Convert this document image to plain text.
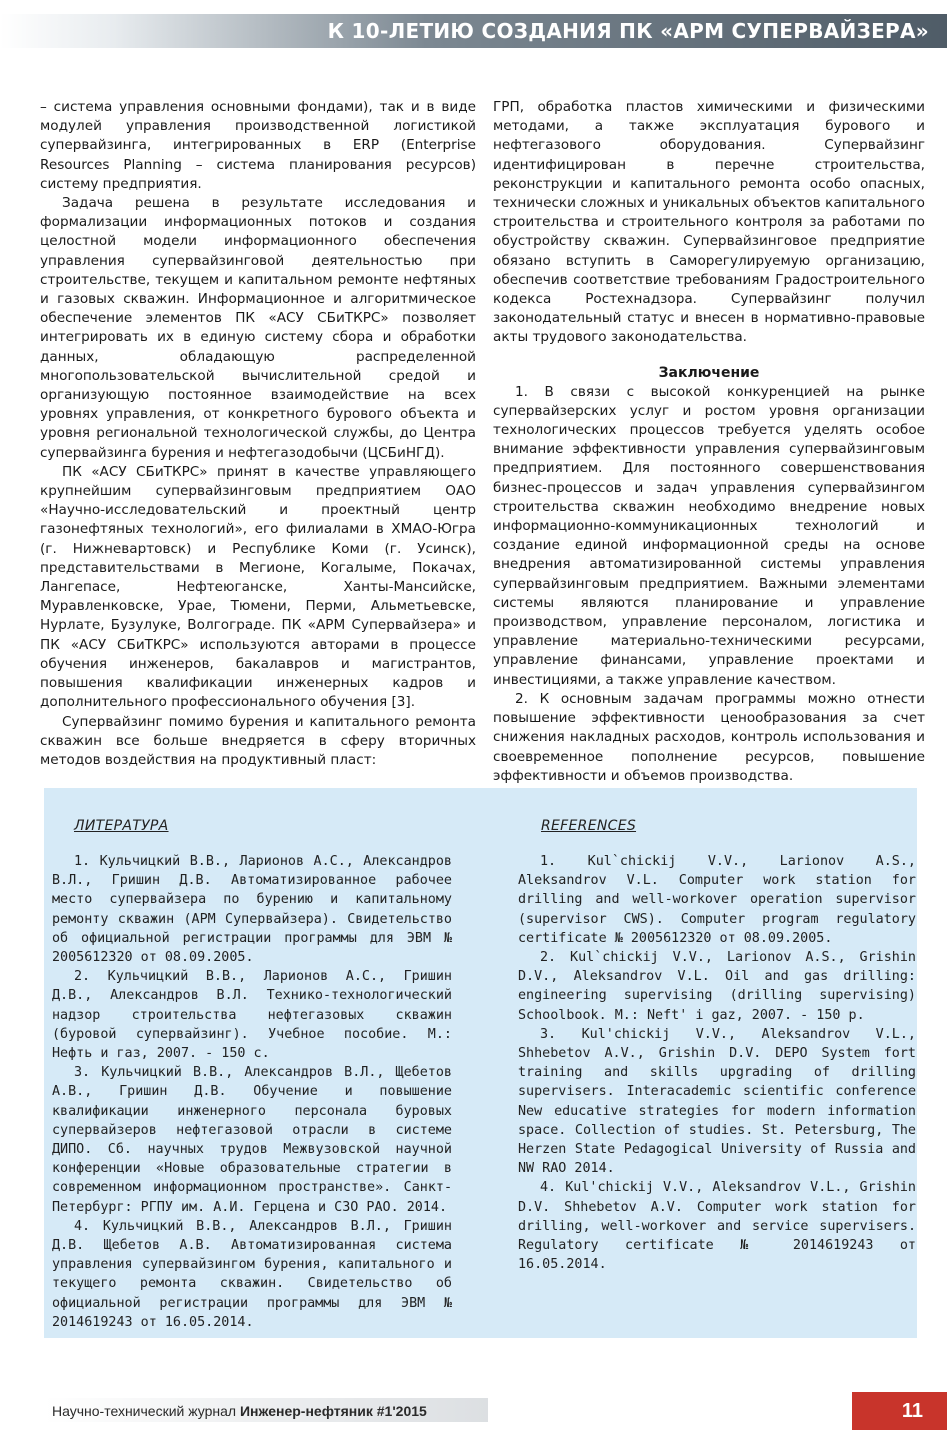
К 10-ЛЕТИЮ СОЗДАНИЯ ПК «АРМ СУПЕРВАЙЗЕРА»

– система управления основными фондами), так и в виде модулей управления производственной логистикой супервайзинга, интегрированных в ERP (Enterprise Resources Planning – система планирования ресурсов) систему предприятия.

Задача решена в результате исследования и формализации информационных потоков и создания целостной модели информационного обеспечения управления супервайзинговой деятельностью при строительстве, текущем и капитальном ремонте нефтяных и газовых скважин. Информационное и алгоритмическое обеспечение элементов ПК «АСУ СБиТКРС» позволяет интегрировать их в единую систему сбора и обработки данных, обладающую распределенной многопользовательской вычислительной средой и организующую постоянное взаимодействие на всех уровнях управления, от конкретного бурового объекта и уровня региональной технологической службы, до Центра супервайзинга бурения и нефтегазодобычи (ЦСБиНГД).

ПК «АСУ СБиТКРС» принят в качестве управляющего крупнейшим супервайзинговым предприятием ОАО «Научно-исследовательский и проектный центр газонефтяных технологий», его филиалами в ХМАО-Югра (г. Нижневартовск) и Республике Коми (г. Усинск), представительствами в Мегионе, Когалыме, Покачах, Лангепасе, Нефтеюганске, Ханты-Мансийске, Муравленковске, Урае, Тюмени, Перми, Альметьевске, Нурлате, Бузулуке, Волгограде. ПК «АРМ Супервайзера» и ПК «АСУ СБиТКРС» используются авторами в процессе обучения инженеров, бакалавров и магистрантов, повышения квалификации инженерных кадров и дополнительного профессионального обучения [3].

Супервайзинг помимо бурения и капитального ремонта скважин все больше внедряется в сферу вторичных методов воздействия на продуктивный пласт:

ГРП, обработка пластов химическими и физическими методами, а также эксплуатация бурового и нефтегазового оборудования. Супервайзинг идентифицирован в перечне строительства, реконструкции и капитального ремонта особо опасных, технически сложных и уникальных объектов капитального строительства и строительного контроля за работами по обустройству скважин. Супервайзинговое предприятие обязано вступить в Саморегулируемую организацию, обеспечив соответствие требованиям Градостроительного кодекса Ростехнадзора. Супервайзинг получил законодательный статус и внесен в нормативно-правовые акты трудового законодательства.

Заключение

1. В связи с высокой конкуренцией на рынке супервайзерских услуг и ростом уровня организации технологических процессов требуется уделять особое внимание эффективности управления супервайзинговым предприятием. Для постоянного совершенствования бизнес-процессов и задач управления супервайзингом строительства скважин необходимо внедрение новых информационно-коммуникационных технологий и создание единой информационной среды на основе внедрения автоматизированной системы управления супервайзинговым предприятием. Важными элементами системы являются планирование и управление производством, управление персоналом, логистика и управление материально-техническими ресурсами, управление финансами, управление проектами и инвестициями, а также управление качеством.

2. К основным задачам программы можно отнести повышение эффективности ценообразования за счет снижения накладных расходов, контроль использования и своевременное пополнение ресурсов, повышение эффективности и объемов производства.

ЛИТЕРАТУРА	REFERENCES

1. Кульчицкий В.В., Ларионов А.С., Александров В.Л., Гришин Д.В. Автоматизированное рабочее место супервайзера по бурению и капитальному ремонту скважин (АРМ Супервайзера). Свидетельство об официальной регистрации программы для ЭВМ № 2005612320 от 08.09.2005.

2. Кульчицкий В.В., Ларионов А.С., Гришин Д.В., Александров В.Л. Технико-технологический надзор строительства нефтегазовых скважин (буровой супервайзинг). Учебное пособие. М.: Нефть и газ, 2007. - 150 с.

3. Кульчицкий В.В., Александров В.Л., Щебетов А.В., Гришин Д.В. Обучение и повышение квалификации инженерного персонала буровых супервайзеров нефтегазовой отрасли в системе ДИПО. Сб. научных трудов Межвузовской научной конференции «Новые образовательные стратегии в современном информационном пространстве». Санкт-Петербург: РГПУ им. А.И. Герцена и СЗО РАО. 2014.

4. Кульчицкий В.В., Александров В.Л., Гришин Д.В. Щебетов А.В. Автоматизированная система управления супервайзингом бурения, капитального и текущего ремонта скважин. Свидетельство об официальной регистрации программы для ЭВМ № 2014619243 от 16.05.2014.

1. Kul`chickij V.V., Larionov A.S., Aleksandrov V.L. Computer work station for drilling and well-workover operation supervisor (supervisor CWS). Computer program regulatory certificate № 2005612320 от 08.09.2005.

2. Kul`chickij V.V., Larionov A.S., Grishin D.V., Aleksandrov V.L. Oil and gas drilling: engineering supervising (drilling supervising) Schoolbook. M.: Neft' i gaz, 2007. - 150 p.

3. Kul'chickij V.V., Aleksandrov V.L., Shhebetov A.V., Grishin D.V. DEPO System fort training and skills upgrading of drilling supervisers. Interacademic scientific conference New educative strategies for modern information space. Collection of studies. St. Petersburg, The Herzen State Pedagogical University of Russia and NW RAO 2014.

4. Kul'chickij V.V., Aleksandrov V.L., Grishin D.V. Shhebetov A.V. Computer work station for drilling, well-workover and service supervisers. Regulatory certificate № 2014619243 от 16.05.2014.

Научно-технический журнал Инженер-нефтяник #1'2015	11
